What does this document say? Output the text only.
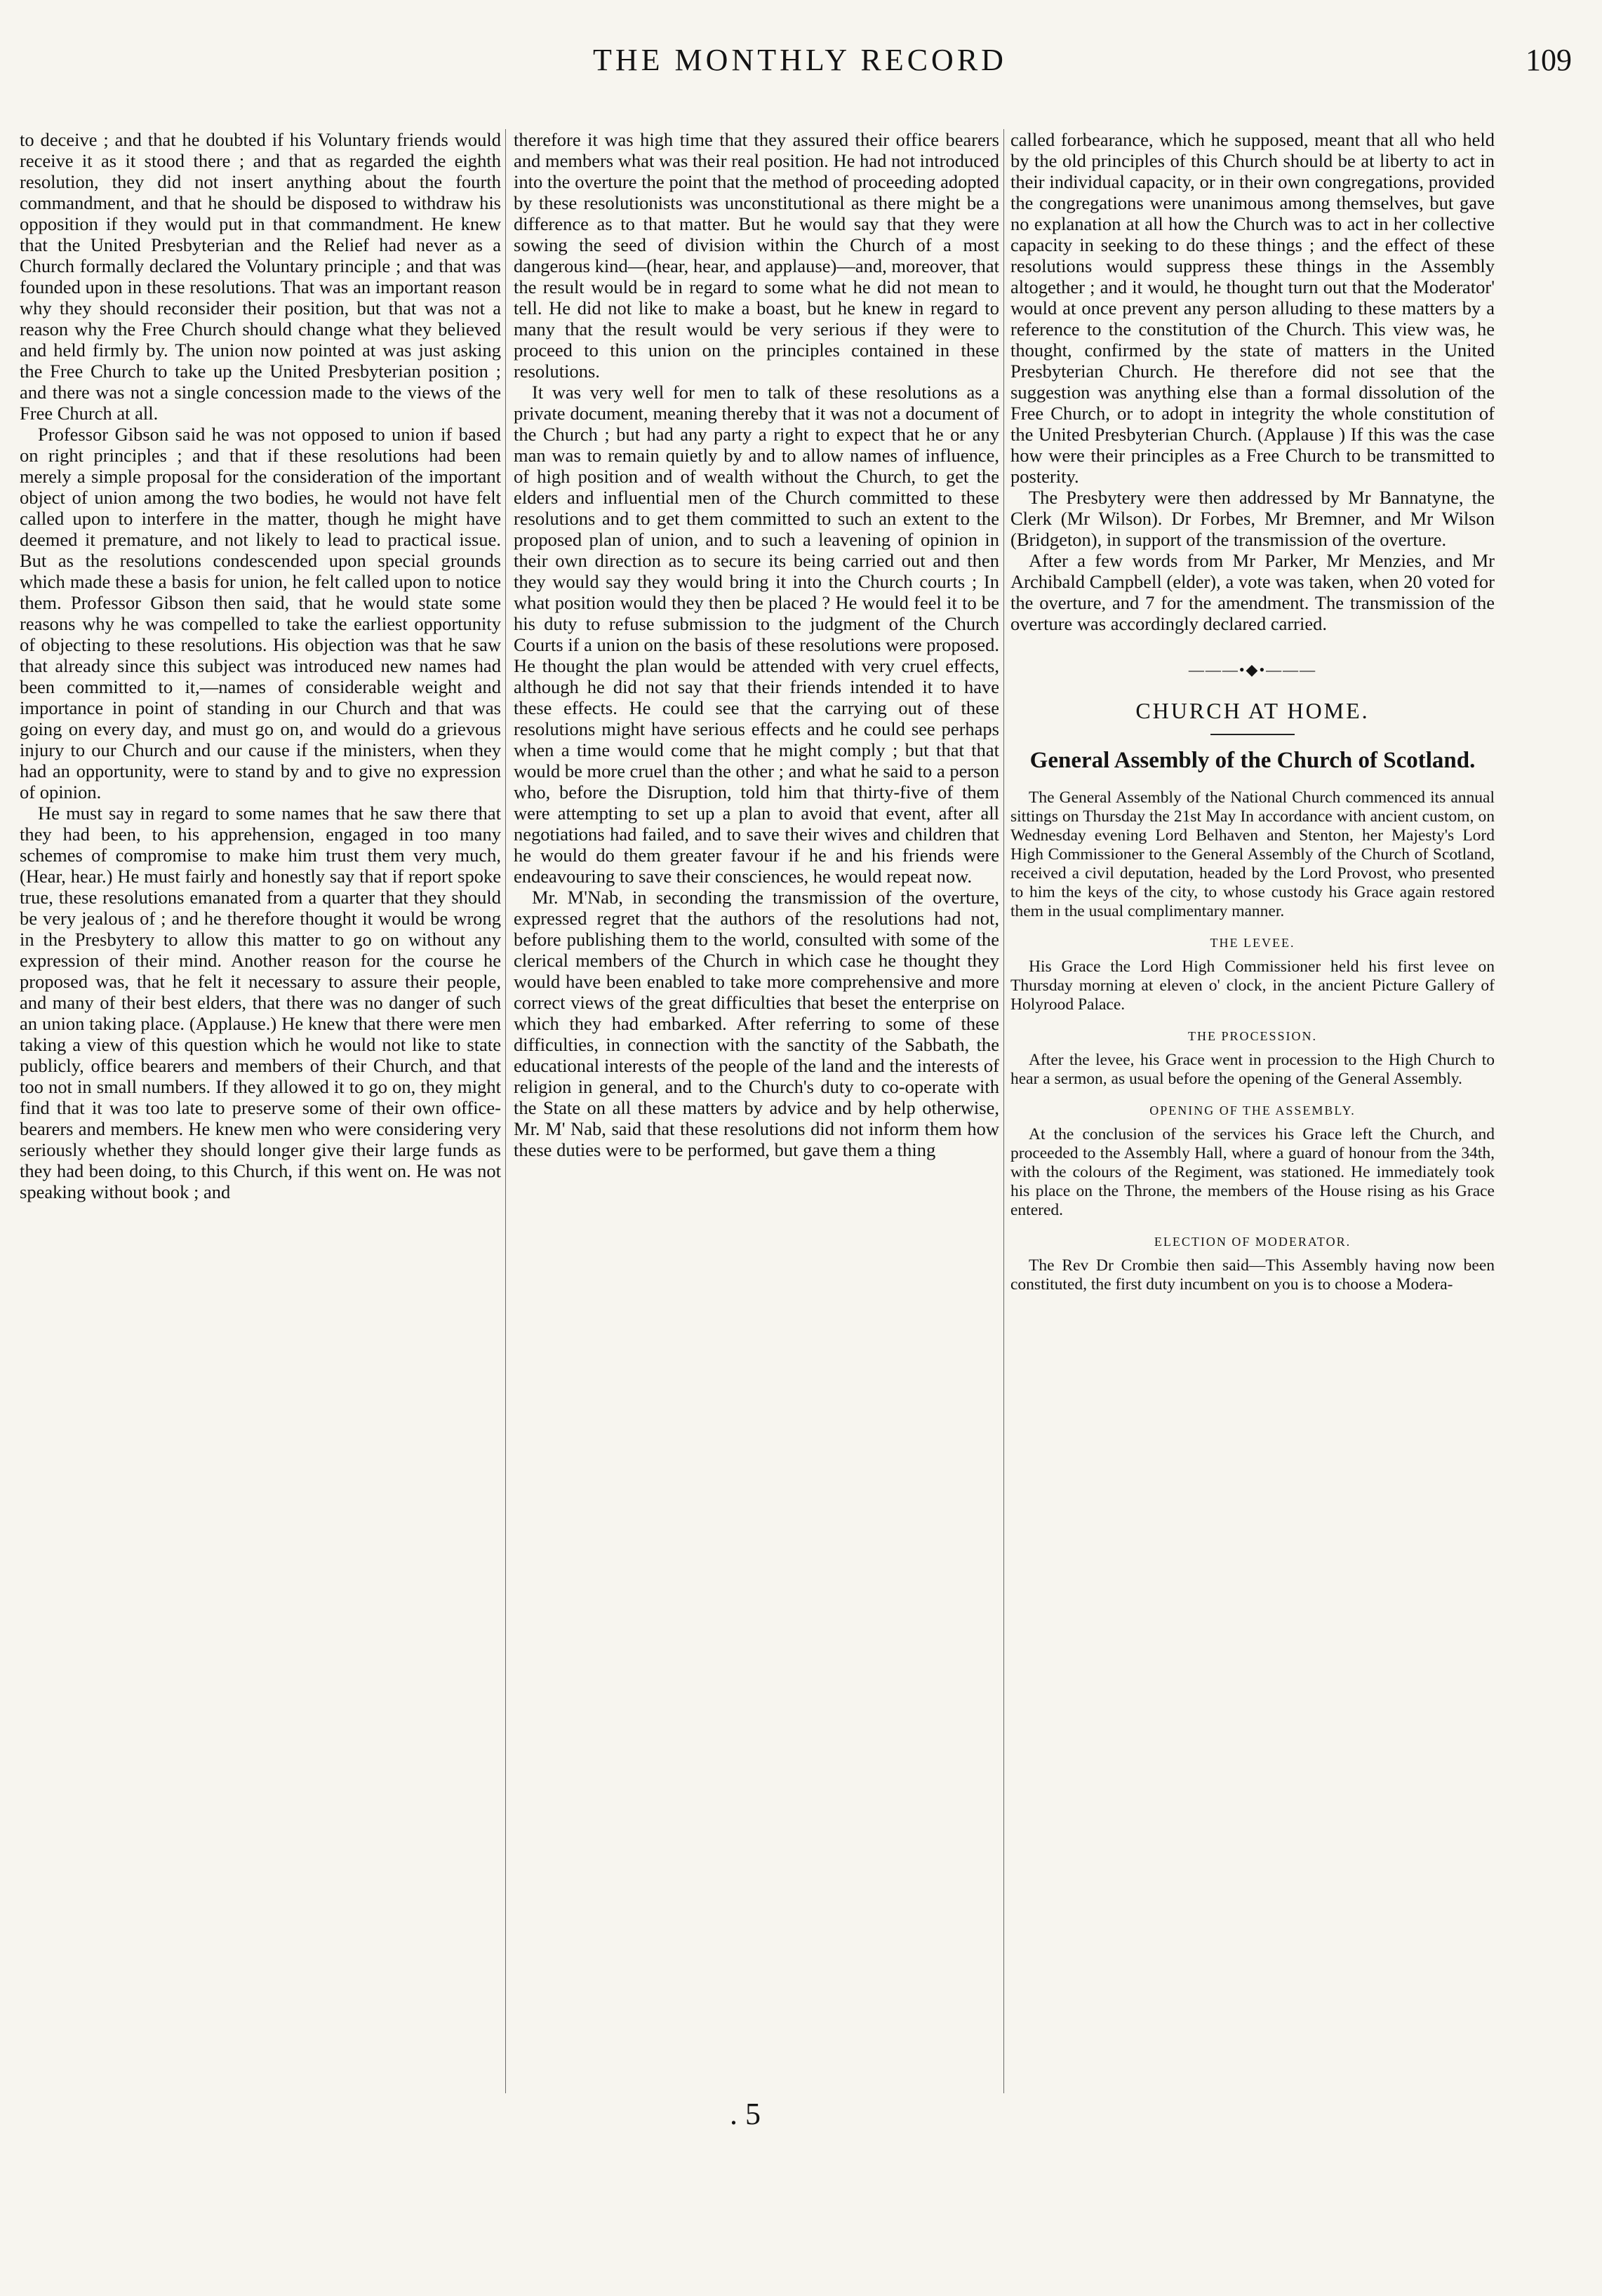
THE MONTHLY RECORD	109

to deceive ; and that he doubted if his Voluntary friends would receive it as it stood there ; and that as regarded the eighth resolution, they did not insert anything about the fourth commandment, and that he should be disposed to withdraw his opposition if they would put in that commandment. He knew that the United Presbyterian and the Relief had never as a Church formally declared the Voluntary principle ; and that was founded upon in these resolutions. That was an important reason why they should reconsider their position, but that was not a reason why the Free Church should change what they believed and held firmly by. The union now pointed at was just asking the Free Church to take up the United Presbyterian position ; and there was not a single concession made to the views of the Free Church at all.

Professor Gibson said he was not opposed to union if based on right principles ; and that if these resolutions had been merely a simple proposal for the consideration of the important object of union among the two bodies, he would not have felt called upon to interfere in the matter, though he might have deemed it premature, and not likely to lead to practical issue. But as the resolutions condescended upon special grounds which made these a basis for union, he felt called upon to notice them. Professor Gibson then said, that he would state some reasons why he was compelled to take the earliest opportunity of objecting to these resolutions. His objection was that he saw that already since this subject was introduced new names had been committed to it,—names of considerable weight and importance in point of standing in our Church and that was going on every day, and must go on, and would do a grievous injury to our Church and our cause if the ministers, when they had an opportunity, were to stand by and to give no expression of opinion.

He must say in regard to some names that he saw there that they had been, to his apprehension, engaged in too many schemes of compromise to make him trust them very much, (Hear, hear.) He must fairly and honestly say that if report spoke true, these resolutions emanated from a quarter that they should be very jealous of ; and he therefore thought it would be wrong in the Presbytery to allow this matter to go on without any expression of their mind. Another reason for the course he proposed was, that he felt it necessary to assure their people, and many of their best elders, that there was no danger of such an union taking place. (Applause.) He knew that there were men taking a view of this question which he would not like to state publicly, office bearers and members of their Church, and that too not in small numbers. If they allowed it to go on, they might find that it was too late to preserve some of their own office-bearers and members. He knew men who were considering very seriously whether they should longer give their large funds as they had been doing, to this Church, if this went on. He was not speaking without book ; and

therefore it was high time that they assured their office bearers and members what was their real position. He had not introduced into the overture the point that the method of proceeding adopted by these resolutionists was unconstitutional as there might be a difference as to that matter. But he would say that they were sowing the seed of division within the Church of a most dangerous kind—(hear, hear, and applause)—and, moreover, that the result would be in regard to some what he did not mean to tell. He did not like to make a boast, but he knew in regard to many that the result would be very serious if they were to proceed to this union on the principles contained in these resolutions.

It was very well for men to talk of these resolutions as a private document, meaning thereby that it was not a document of the Church ; but had any party a right to expect that he or any man was to remain quietly by and to allow names of influence, of high position and of wealth without the Church, to get the elders and influential men of the Church committed to these resolutions and to get them committed to such an extent to the proposed plan of union, and to such a leavening of opinion in their own direction as to secure its being carried out and then they would say they would bring it into the Church courts ; In what position would they then be placed ? He would feel it to be his duty to refuse submission to the judgment of the Church Courts if a union on the basis of these resolutions were proposed. He thought the plan would be attended with very cruel effects, although he did not say that their friends intended it to have these effects. He could see that the carrying out of these resolutions might have serious effects and he could see perhaps when a time would come that he might comply ; but that that would be more cruel than the other ; and what he said to a person who, before the Disruption, told him that thirty-five of them were attempting to set up a plan to avoid that event, after all negotiations had failed, and to save their wives and children that he would do them greater favour if he and his friends were endeavouring to save their consciences, he would repeat now.

Mr. M'Nab, in seconding the transmission of the overture, expressed regret that the authors of the resolutions had not, before publishing them to the world, consulted with some of the clerical members of the Church in which case he thought they would have been enabled to take more comprehensive and more correct views of the great difficulties that beset the enterprise on which they had embarked. After referring to some of these difficulties, in connection with the sanctity of the Sabbath, the educational interests of the people of the land and the interests of religion in general, and to the Church's duty to co-operate with the State on all these matters by advice and by help otherwise, Mr. M' Nab, said that these resolutions did not inform them how these duties were to be performed, but gave them a thing

called forbearance, which he supposed, meant that all who held by the old principles of this Church should be at liberty to act in their individual capacity, or in their own congregations, provided the congregations were unanimous among themselves, but gave no explanation at all how the Church was to act in her collective capacity in seeking to do these things ; and the effect of these resolutions would suppress these things in the Assembly altogether ; and it would, he thought turn out that the Moderator' would at once prevent any person alluding to these matters by a reference to the constitution of the Church. This view was, he thought, confirmed by the state of matters in the United Presbyterian Church. He therefore did not see that the suggestion was anything else than a formal dissolution of the Free Church, or to adopt in integrity the whole constitution of the United Presbyterian Church. (Applause ) If this was the case how were their principles as a Free Church to be transmitted to posterity.

The Presbytery were then addressed by Mr Bannatyne, the Clerk (Mr Wilson). Dr Forbes, Mr Bremner, and Mr Wilson (Bridgeton), in support of the transmission of the overture.

After a few words from Mr Parker, Mr Menzies, and Mr Archibald Campbell (elder), a vote was taken, when 20 voted for the overture, and 7 for the amendment. The transmission of the overture was accordingly declared carried.

———•◆•———
CHURCH AT HOME.
General Assembly of the Church of Scotland.

The General Assembly of the National Church commenced its annual sittings on Thursday the 21st May In accordance with ancient custom, on Wednesday evening Lord Belhaven and Stenton, her Majesty's Lord High Commissioner to the General Assembly of the Church of Scotland, received a civil deputation, headed by the Lord Provost, who presented to him the keys of the city, to whose custody his Grace again restored them in the usual complimentary manner.

THE LEVEE.

His Grace the Lord High Commissioner held his first levee on Thursday morning at eleven o' clock, in the ancient Picture Gallery of Holyrood Palace.

THE PROCESSION.

After the levee, his Grace went in procession to the High Church to hear a sermon, as usual before the opening of the General Assembly.

OPENING OF THE ASSEMBLY.

At the conclusion of the services his Grace left the Church, and proceeded to the Assembly Hall, where a guard of honour from the 34th, with the colours of the Regiment, was stationed. He immediately took his place on the Throne, the members of the House rising as his Grace entered.

ELECTION OF MODERATOR.

The Rev Dr Crombie then said—This Assembly having now been constituted, the first duty incumbent on you is to choose a Modera-

. 5
